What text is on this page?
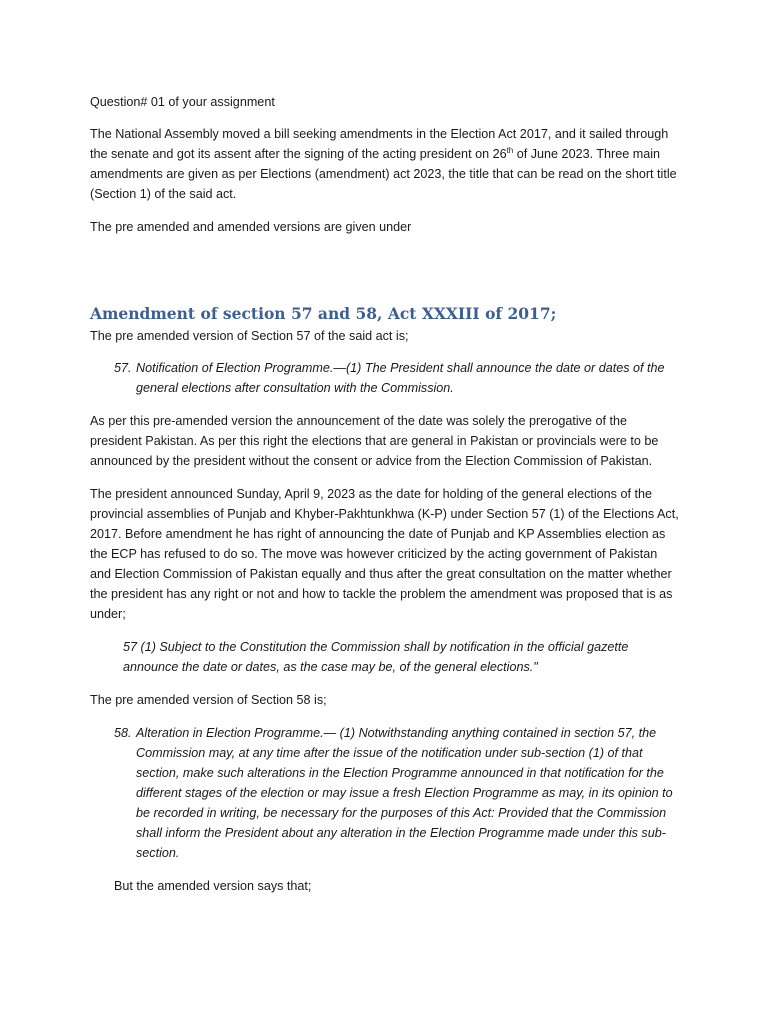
Question# 01 of your assignment

The National Assembly moved a bill seeking amendments in the Election Act 2017, and it sailed through the senate and got its assent after the signing of the acting president on 26th of June 2023. Three main amendments are given as per Elections (amendment) act 2023, the title that can be read on the short title (Section 1) of the said act.

The pre amended and amended versions are given under

Amendment of section 57 and 58, Act XXXIII of 2017;

The pre amended version of Section 57 of the said act is;

57. Notification of Election Programme.—(1) The President shall announce the date or dates of the general elections after consultation with the Commission.

As per this pre-amended version the announcement of the date was solely the prerogative of the president Pakistan. As per this right the elections that are general in Pakistan or provincials were to be announced by the president without the consent or advice from the Election Commission of Pakistan.

The president announced Sunday, April 9, 2023 as the date for holding of the general elections of the provincial assemblies of Punjab and Khyber-Pakhtunkhwa (K-P) under Section 57 (1) of the Elections Act, 2017. Before amendment he has right of announcing the date of Punjab and KP Assemblies election as the ECP has refused to do so. The move was however criticized by the acting government of Pakistan and Election Commission of Pakistan equally and thus after the great consultation on the matter whether the president has any right or not and how to tackle the problem the amendment was proposed that is as under;

57 (1) Subject to the Constitution the Commission shall by notification in the official gazette announce the date or dates, as the case may be, of the general elections."

The pre amended version of Section 58 is;

58. Alteration in Election Programme.— (1) Notwithstanding anything contained in section 57, the Commission may, at any time after the issue of the notification under sub-section (1) of that section, make such alterations in the Election Programme announced in that notification for the different stages of the election or may issue a fresh Election Programme as may, in its opinion to be recorded in writing, be necessary for the purposes of this Act: Provided that the Commission shall inform the President about any alteration in the Election Programme made under this sub-section.

But the amended version says that;
